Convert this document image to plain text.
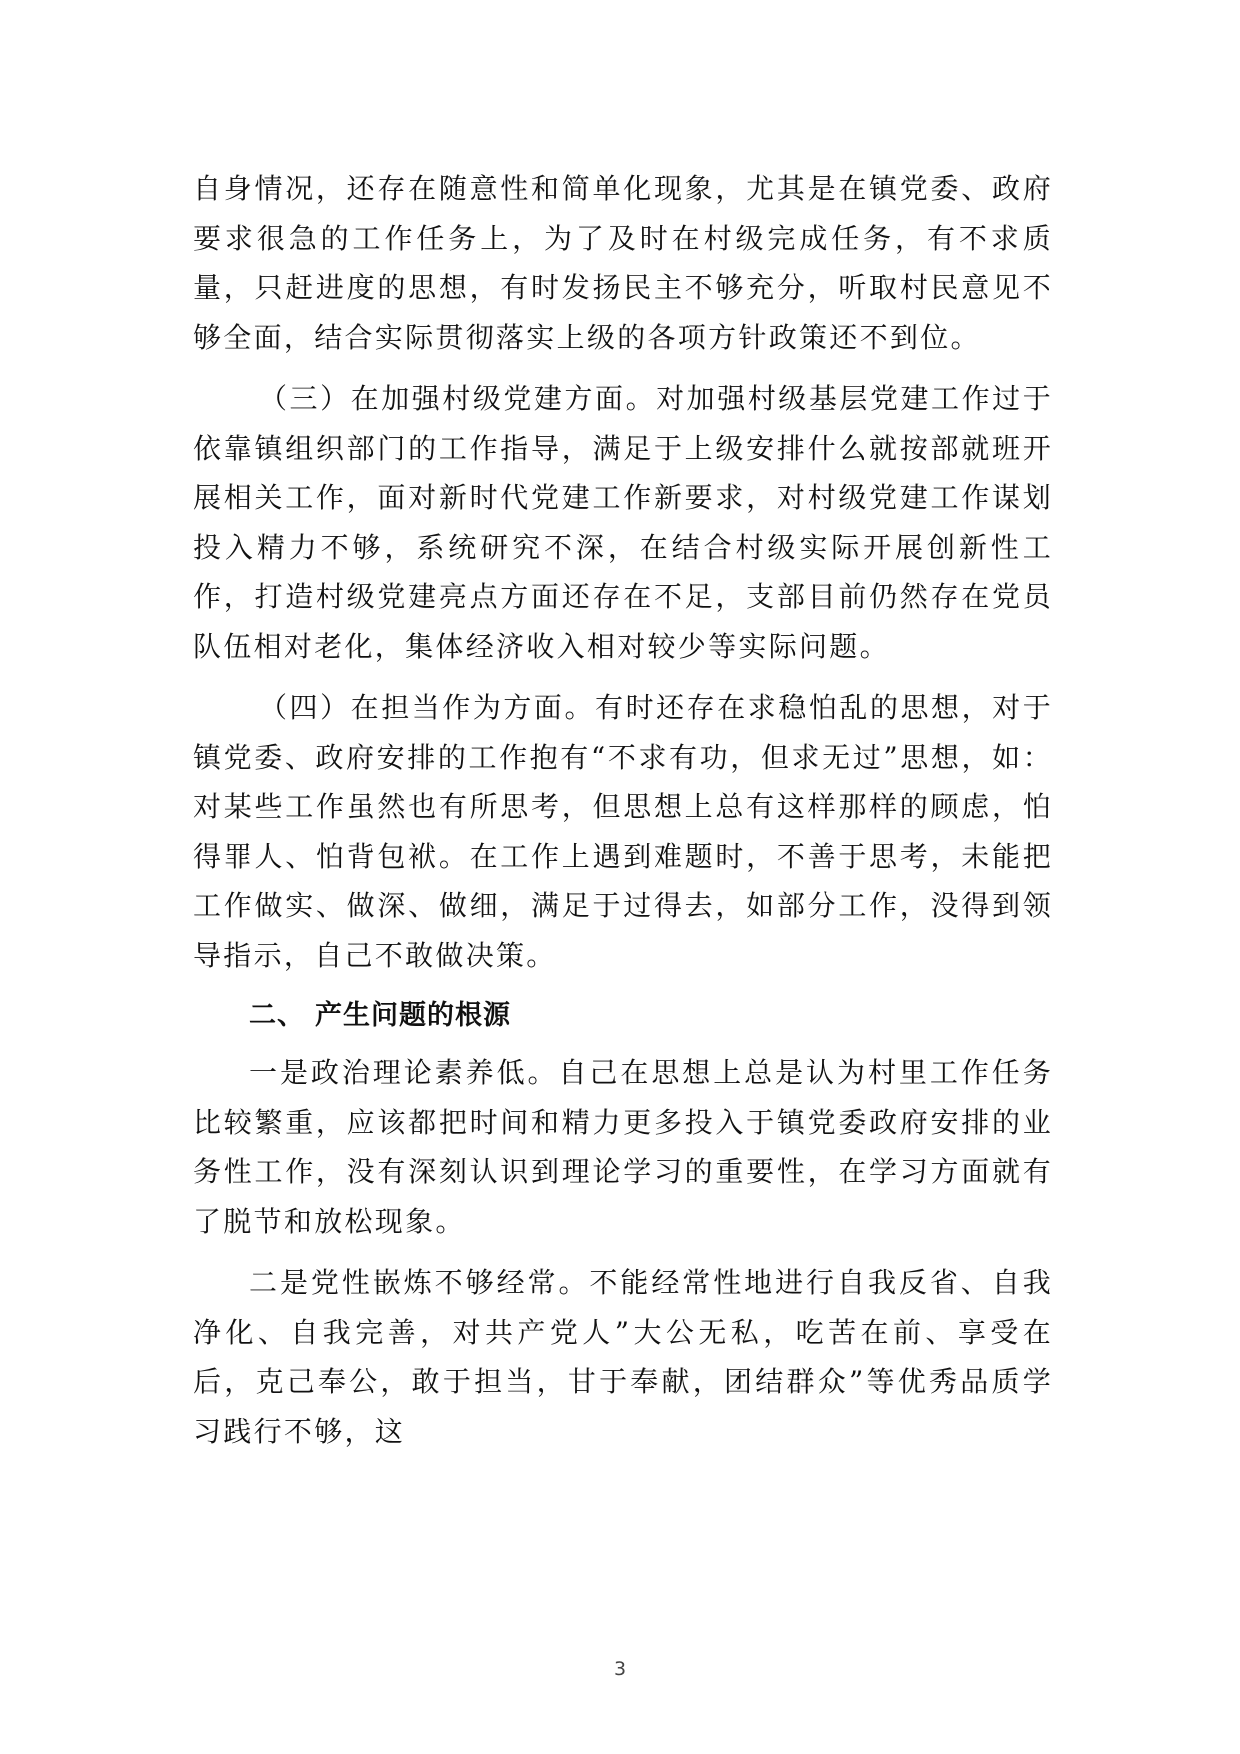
自身情况，还存在随意性和简单化现象，尤其是在镇党委、政府要求很急的工作任务上，为了及时在村级完成任务，有不求质量，只赶进度的思想，有时发扬民主不够充分，听取村民意见不够全面，结合实际贯彻落实上级的各项方针政策还不到位。

（三）在加强村级党建方面。对加强村级基层党建工作过于依靠镇组织部门的工作指导，满足于上级安排什么就按部就班开展相关工作，面对新时代党建工作新要求，对村级党建工作谋划投入精力不够，系统研究不深，在结合村级实际开展创新性工作，打造村级党建亮点方面还存在不足，支部目前仍然存在党员队伍相对老化，集体经济收入相对较少等实际问题。

（四）在担当作为方面。有时还存在求稳怕乱的思想，对于镇党委、政府安排的工作抱有“不求有功，但求无过”思想，如：对某些工作虽然也有所思考，但思想上总有这样那样的顾虑，怕得罪人、怕背包袱。在工作上遇到难题时，不善于思考，未能把工作做实、做深、做细，满足于过得去，如部分工作，没得到领导指示，自己不敢做决策。

二、 产生问题的根源

一是政治理论素养低。自己在思想上总是认为村里工作任务比较繁重，应该都把时间和精力更多投入于镇党委政府安排的业务性工作，没有深刻认识到理论学习的重要性，在学习方面就有了脱节和放松现象。

二是党性嵌炼不够经常。不能经常性地进行自我反省、自我净化、自我完善，对共产党人”大公无私，吃苦在前、享受在后，克己奉公，敢于担当，甘于奉献，团结群众”等优秀品质学习践行不够，这

3
